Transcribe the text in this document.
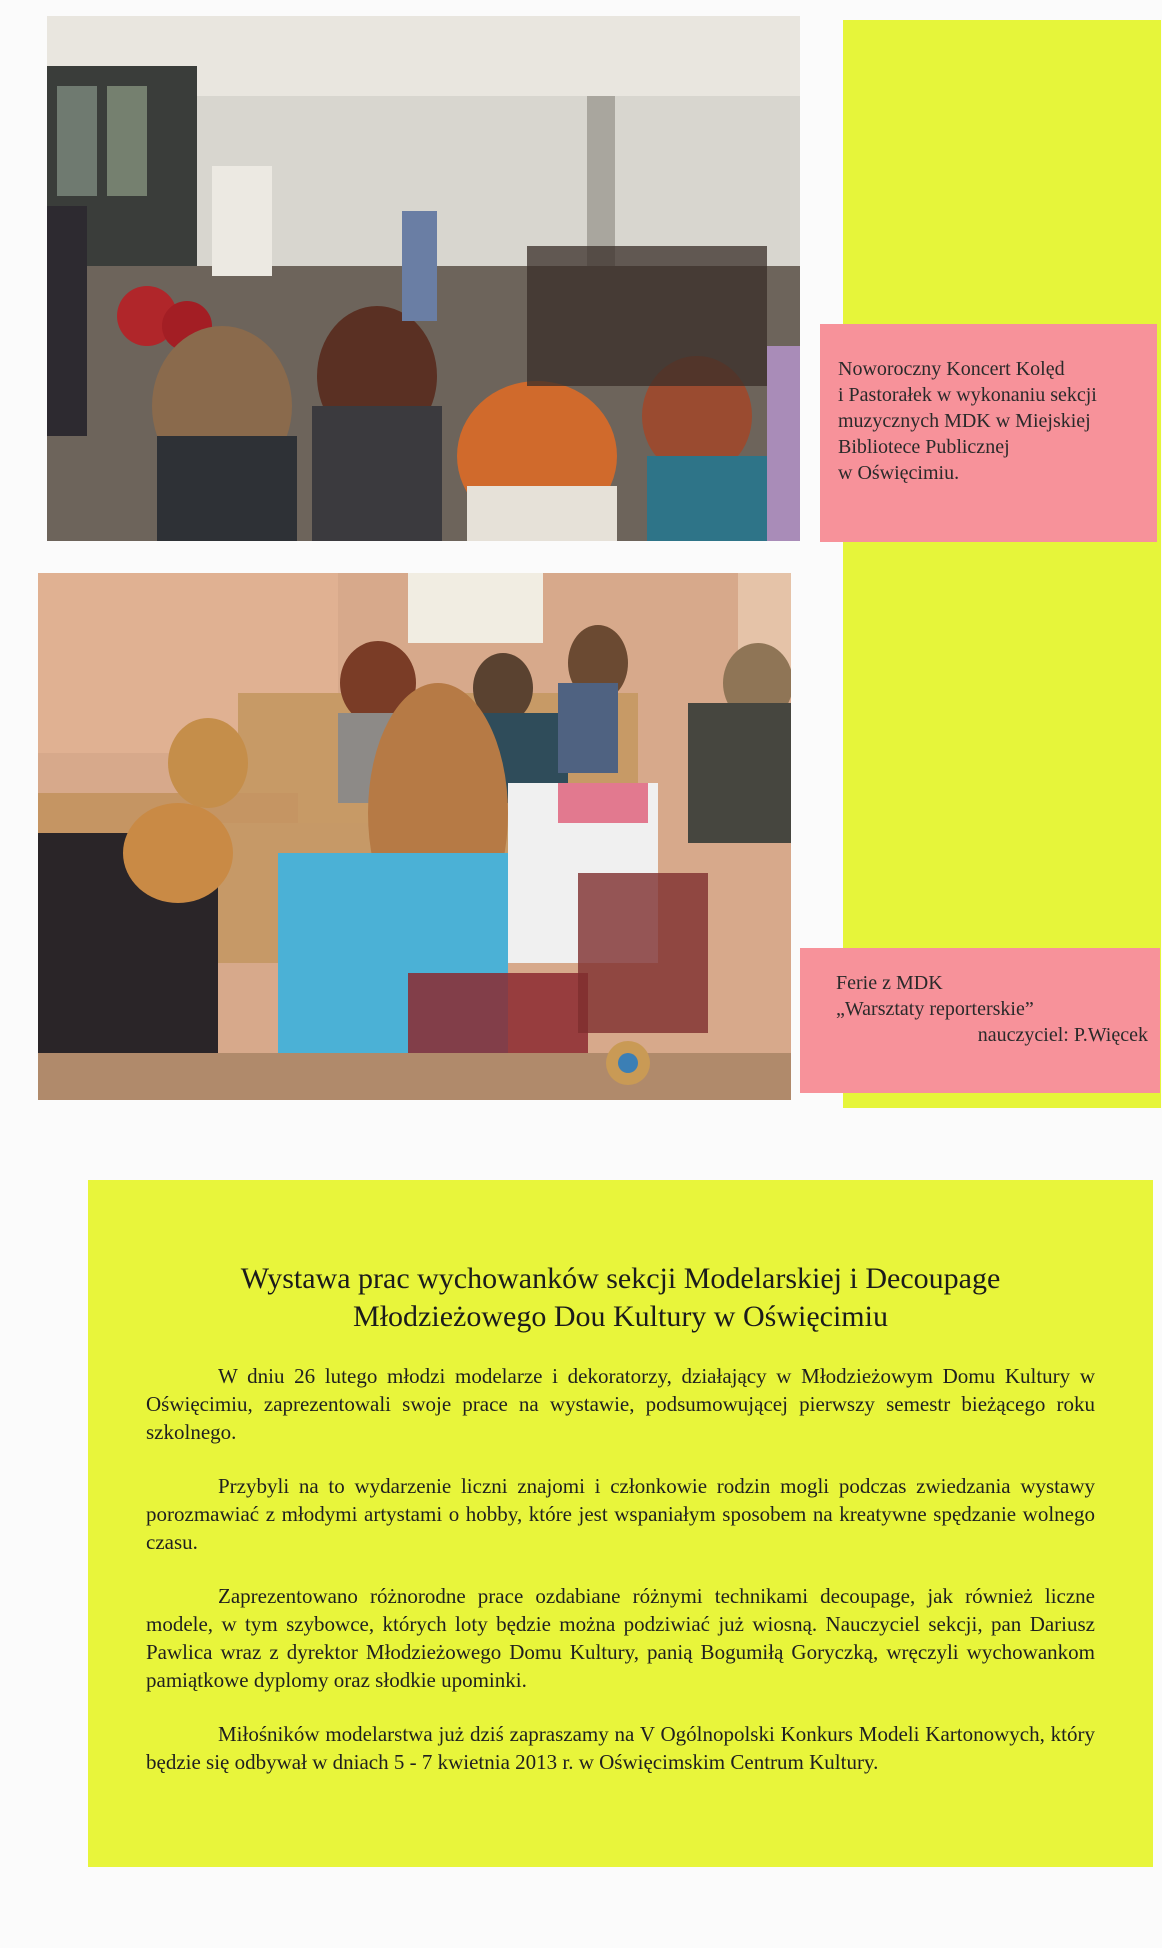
Noworoczny Koncert Kolęd
i Pastorałek w wykonaniu sekcji
muzycznych MDK w Miejskiej
Bibliotece Publicznej
w Oświęcimiu.
Ferie z MDK
„Warsztaty reporterskie”
nauczyciel: P.Więcek
Wystawa prac wychowanków sekcji Modelarskiej i Decoupage
Młodzieżowego Dou Kultury w Oświęcimiu

W dniu 26 lutego młodzi modelarze i dekoratorzy, działający w Młodzieżowym Domu Kultury w Oświęcimiu, zaprezentowali swoje prace na wystawie, podsumowującej pierwszy semestr bieżącego roku szkolnego.

Przybyli na to wydarzenie liczni znajomi i członkowie rodzin mogli podczas zwiedzania wystawy porozmawiać z młodymi artystami o hobby, które jest wspaniałym sposobem na kreatywne spędzanie wolnego czasu.

Zaprezentowano różnorodne prace ozdabiane różnymi technikami decoupage, jak również liczne modele, w tym szybowce, których loty będzie można podziwiać już wiosną. Nauczyciel sekcji, pan Dariusz Pawlica wraz z dyrektor Młodzieżowego Domu Kultury, panią Bogumiłą Goryczką, wręczyli wychowankom pamiątkowe dyplomy oraz słodkie upominki.

Miłośników modelarstwa już dziś zapraszamy na V Ogólnopolski Konkurs Modeli Kartonowych, który będzie się odbywał w dniach 5 - 7 kwietnia 2013 r. w Oświęcimskim Centrum Kultury.
